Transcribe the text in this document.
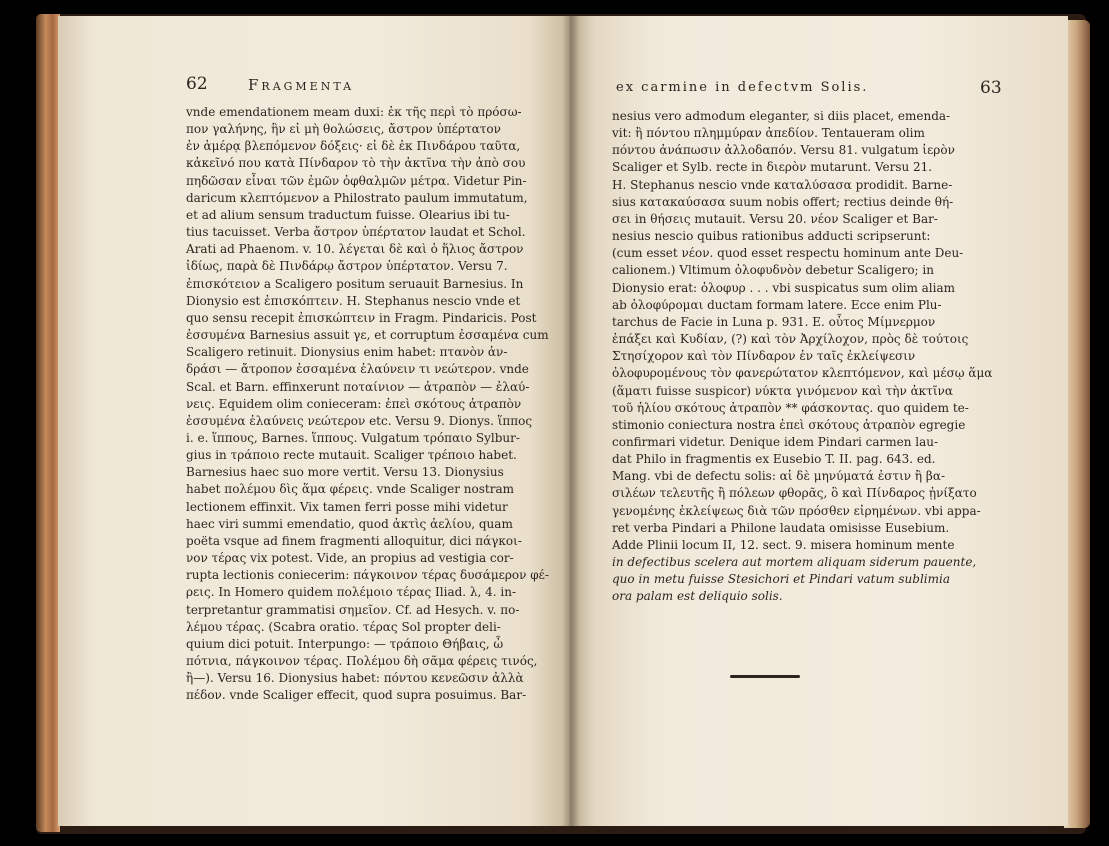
62	Fragmenta
vnde emendationem meam duxi: ἐκ τῆς περὶ τὸ πρόσω-
πον γαλήνης, ἣν εἰ μὴ θολώσεις, ἄστρον ὑπέρτατον
ἐν ἁμέρᾳ βλεπόμενον δόξεις· εἰ δὲ ἐκ Πινδάρου ταῦτα,
κἀκεῖνό που κατὰ Πίνδαρον τὸ τὴν ἀκτῖνα τὴν ἀπὸ σου
πηδῶσαν εἶναι τῶν ἐμῶν ὀφθαλμῶν μέτρα. Videtur Pin-
daricum κλεπτόμενον a Philostrato paulum immutatum,
et ad alium sensum traductum fuisse. Olearius ibi tu-
tius tacuisset. Verba ἄστρον ὑπέρτατον laudat et Schol.
Arati ad Phaenom. v. 10. λέγεται δὲ καὶ ὁ ἥλιος ἄστρον
ἰδίως, παρὰ δὲ Πινδάρῳ ἄστρον ὑπέρτατον. Versu 7.
ἐπισκότειον a Scaligero positum seruauit Barnesius. In
Dionysio est ἐπισκόπτειν. H. Stephanus nescio vnde et
quo sensu recepit ἐπισκώπτειν in Fragm. Pindaricis. Post
ἐσσυμένα Barnesius assuit γε, et corruptum ἐσσαμένα cum
Scaligero retinuit. Dionysius enim habet: πτανὸν ἀν-
δράσι — ἄτροπον ἐσσαμένα ἐλαύνειν τι νεώτερον. vnde
Scal. et Barn. effinxerunt ποταίνιον — ἀτραπὸν — ἐλαύ-
νεις. Equidem olim conieceram: ἐπεὶ σκότους ἀτραπὸν
ἐσσυμένα ἐλαύνεις νεώτερον etc. Versu 9. Dionys. ἵππος
i. e. ἵππους, Barnes. ἵππους. Vulgatum τρόπαιο Sylbur-
gius in τράποιο recte mutauit. Scaliger τρέποιο habet.
Barnesius haec suo more vertit. Versu 13. Dionysius
habet πολέμου δὶς ἅμα φέρεις. vnde Scaliger nostram
lectionem effinxit. Vix tamen ferri posse mihi videtur
haec viri summi emendatio, quod ἀκτὶς ἀελίου, quam
poëta vsque ad finem fragmenti alloquitur, dici πάγκοι-
νον τέρας vix potest. Vide, an propius ad vestigia cor-
rupta lectionis coniecerim: πάγκοινον τέρας δυσάμερον φέ-
ρεις. In Homero quidem πολέμοιο τέρας Iliad. λ, 4. in-
terpretantur grammatisi σημεῖον. Cf. ad Hesych. v. πο-
λέμου τέρας. (Scabra oratio. τέρας Sol propter deli-
quium dici potuit. Interpungo: — τράποιο Θήβαις, ὦ
πότνια, πάγκοινον τέρας. Πολέμου δὴ σᾶμα φέρεις τινός,
ἢ—). Versu 16. Dionysius habet: πόντου κενεῶσιν ἀλλὰ
πέδον. vnde Scaliger effecit, quod supra posuimus. Bar-
ex carmine in defectvm Solis.	63
nesius vero admodum eleganter, si diis placet, emenda-
vit: ἢ πόντου πλημμύραν ἀπεδίον. Tentaueram olim
πόντου ἀνάπωσιν ἀλλοδαπόν. Versu 81. vulgatum ἱερὸν
Scaliger et Sylb. recte in διερὸν mutarunt. Versu 21.
H. Stephanus nescio vnde καταλύσασα prodidit. Barne-
sius κατακαύσασα suum nobis offert; rectius deinde θή-
σει in θήσεις mutauit. Versu 20. νέον Scaliger et Bar-
nesius nescio quibus rationibus adducti scripserunt:
(cum esset νέον. quod esset respectu hominum ante Deu-
calionem.) Vltimum ὀλοφυδνὸν debetur Scaligero; in
Dionysio erat: ὀλοφυρ . . . vbi suspicatus sum olim aliam
ab ὀλοφύρομαι ductam formam latere. Ecce enim Plu-
tarchus de Facie in Luna p. 931. E. οὗτος Μίμνερμον
ἐπάξει καὶ Κυδίαν, (?) καὶ τὸν Ἀρχίλοχον, πρὸς δὲ τούτοις
Στησίχορον καὶ τὸν Πίνδαρον ἐν ταῖς ἐκλείψεσιν
ὀλοφυρομένους τὸν φανερώτατον κλεπτόμενον, καὶ μέσῳ ἅμα
(ἅματι fuisse suspicor) νύκτα γινόμενον καὶ τὴν ἀκτῖνα
τοῦ ἡλίου σκότους ἀτραπὸν ** φάσκοντας. quo quidem te-
stimonio coniectura nostra ἐπεὶ σκότους ἀτραπὸν egregie
confirmari videtur. Denique idem Pindari carmen lau-
dat Philo in fragmentis ex Eusebio T. II. pag. 643. ed.
Mang. vbi de defectu solis: αἱ δὲ μηνύματά ἐστιν ἢ βα-
σιλέων τελευτῆς ἢ πόλεων φθορᾶς, ὃ καὶ Πίνδαρος ᾐνίξατο
γενομένης ἐκλείψεως διὰ τῶν πρόσθεν εἰρημένων. vbi appa-
ret verba Pindari a Philone laudata omisisse Eusebium.
Adde Plinii locum II, 12. sect. 9. misera hominum mente
in defectibus scelera aut mortem aliquam siderum pauente,
quo in metu fuisse Stesichori et Pindari vatum sublimia
ora palam est deliquio solis.
